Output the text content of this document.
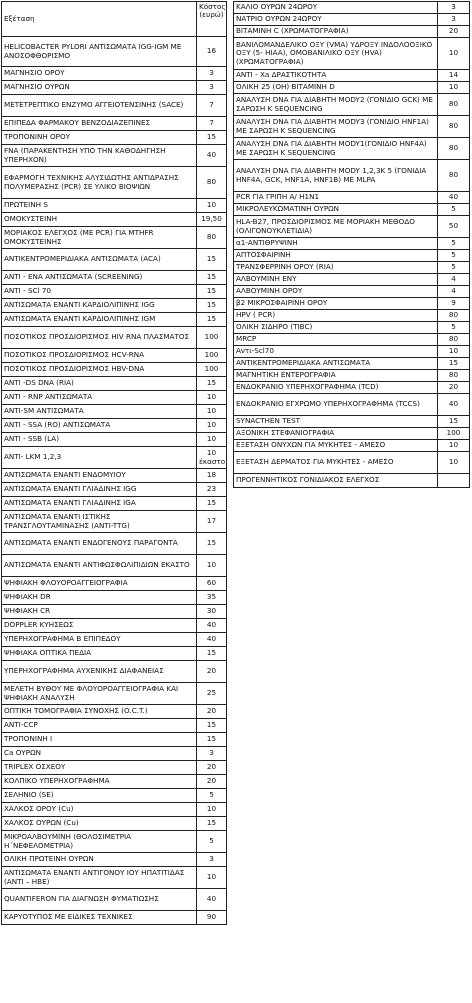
Εξέταση	Κόστος (ευρώ)
HELICOBACTER PYLORI ΑΝΤΙΣΩΜΑΤΑ IGG-IGM ΜΕ ΑΝΟΣΟΦΘΟΡΙΣΜΟ	16
ΜΑΓΝΗΣΙΟ ΟΡΟΥ	3
ΜΑΓΝΗΣΙΟ ΟΥΡΩΝ	3
ΜΕΤΕΤΡΕΠΤΙΚΟ ΕΝΖΥΜΟ ΑΓΓΕΙΟΤΕΝΣΙΝΗΣ (SACE)	7
ΕΠΙΠΕΔΑ ΦΑΡΜΑΚΟΥ ΒΕΝΖΟΔΙΑΖΕΠΙΝΕΣ	7
ΤΡΟΠΟΝΙΝΗ ΟΡΟΥ	15
FNA (ΠΑΡΑΚΕΝΤΗΣΗ ΥΠΟ ΤΗΝ ΚΑΘΟΔΗΓΗΣΗ ΥΠΕΡΗΧΟΝ)	40
ΕΦΑΡΜΟΓΗ ΤΕΧΝΙΚΗΣ ΑΛΥΣΙΔΩΤΗΣ ΑΝΤΙΔΡΑΣΗΣ ΠΟΛΥΜΕΡΑΣΗΣ (PCR) ΣΕ ΥΛΙΚΟ ΒΙΟΨΙΩΝ	80
ΠΡΩΤΕΙΝΗ S	10
ΟΜΟΚΥΣΤΕΙΝΗ	19,50
ΜΟΡΙΑΚΟΣ ΕΛΕΓΧΟΣ (ΜΕ PCR) ΓΙΑ MTHFR ΟΜΟΚΥΣΤΕΙΝΗΣ	80
ΑΝΤΙΚΕΝΤΡΟΜΕΡΙΔΙΑΚΑ ΑΝΤΙΣΩΜΑΤΑ (ACA)	15
ANTI - ΕΝΑ ΑΝΤΙΣΩΜΑΤΑ (SCREENING)	15
ANTI - SCl 70	15
ΑΝΤΙΣΩΜΑΤΑ ΕΝΑΝΤΙ ΚΑΡΔΙΟΛΙΠΙΝΗΣ IGG	15
ΑΝΤΙΣΩΜΑΤΑ ΕΝΑΝΤΙ ΚΑΡΔΙΟΛΙΠΙΝΗΣ IGM	15
ΠΟΣΟΤΙΚΟΣ ΠΡΟΣΔΙΟΡΙΣΜΟΣ HIV RNA ΠΛΑΣΜΑΤΟΣ	100
ΠΟΣΟΤΙΚΟΣ ΠΡΟΣΔΙΟΡΙΣΜΟΣ HCV-RNA	100
ΠΟΣΟΤΙΚΟΣ ΠΡΟΣΔΙΟΡΙΣΜΟΣ HBV-DNA	100
ANTI -DS DNA (RIA)	15
ANTI - RNP ΑΝΤΙΣΩΜΑΤΑ	10
ANTI-SM ΑΝΤΙΣΩΜΑΤΑ	10
ANTI - SSA (RO) ΑΝΤΙΣΩΜΑΤΑ	10
ANTI - SSB (LA)	10
ANTI- LKM 1,2,3	10 έκαστο
ΑΝΤΙΣΩΜΑΤΑ ΕΝΑΝΤΙ ΕΝΔΟΜΥΙΟΥ	18
ΑΝΤΙΣΩΜΑΤΑ ΕΝΑΝΤΙ ΓΛΙΑΔΙΝΗΣ IGG	23
ΑΝΤΙΣΩΜΑΤΑ ΕΝΑΝΤΙ ΓΛΙΑΔΙΝΗΣ IGA	15
ΑΝΤΙΣΩΜΑΤΑ ΕΝΑΝΤΙ ΙΣΤΙΚΗΣ ΤΡΑΝΣΓΛΟΥΤΑΜΙΝΑΣΗΣ (ANTI-TTG)	17
ΑΝΤΙΣΩΜΑΤΑ ΕΝΑΝΤΙ ΕΝΔΟΓΕΝΟΥΣ ΠΑΡΑΓΟΝΤΑ	15
ΑΝΤΙΣΩΜΑΤΑ ΕΝΑΝΤΙ ΑΝΤΙΦΩΣΦΩΛΙΠΙΔΙΩΝ ΕΚΑΣΤΟ	10
ΨΗΦΙΑΚΗ ΦΛΟΥΟΡΟΑΓΓΕΙΟΓΡΑΦΙΑ	60
ΨΗΦΙΑΚΗ DR	35
ΨΗΦΙΑΚΗ CR	30
DOPPLER ΚΥΗΣΕΩΣ	40
ΥΠΕΡΗΧΟΓΡΑΦΗΜΑ Β ΕΠΙΠΕΔΟΥ	40
ΨΗΦΙΑΚΑ ΟΠΤΙΚΑ ΠΕΔΙΑ	15
ΥΠΕΡΗΧΟΓΡΑΦΗΜΑ ΑΥΧΕΝΙΚΗΣ ΔΙΑΦΑΝΕΙΑΣ	20
ΜΕΛΕΤΗ ΒΥΘΟΥ ΜΕ ΦΛΟΥΟΡΟΑΓΓΕΙΟΓΡΑΦΙΑ ΚΑΙ ΨΗΦΙΑΚΗ ΑΝΑΛΥΣΗ	25
ΟΠΤΙΚΗ ΤΟΜΟΓΡΑΦΙΑ ΣΥΝΟΧΗΣ (O.C.T.)	20
ANTI-CCP	15
ΤΡΟΠΟΝΙΝΗ I	15
Ca ΟΥΡΩΝ	3
TRIPLEX ΟΣΧΕΟΥ	20
ΚΟΛΠΙΚΟ ΥΠΕΡΗΧΟΓΡΑΦΗΜΑ	20
ΣΕΛΗΝΙΟ (SE)	5
ΧΑΛΚΟΣ ΟΡΟΥ (Cu)	10
ΧΑΛΚΟΣ ΟΥΡΩΝ (Cu)	15
ΜΙΚΡΟΑΛΒΟΥΜΙΝΗ (ΘΟΛΟΣΙΜΕΤΡΙΑ Η΄ΝΕΦΕΛΟΜΕΤΡΙΑ)	5
ΟΛΙΚΗ ΠΡΩΤΕΙΝΗ ΟΥΡΩΝ	3
ΑΝΤΙΣΩΜΑΤΑ ΕΝΑΝΤΙ ΑΝΤΙΓΟΝΟΥ ΙΟΥ ΗΠΑΤΙΤΙΔΑΣ (ANTI – HBE)	10
QUANTIFERON ΓΙΑ ΔΙΑΓΝΩΣΗ ΦΥΜΑΤΙΩΣΗΣ	40
ΚΑΡΥΟΤΥΠΟΣ ΜΕ ΕΙΔΙΚΕΣ ΤΕΧΝΙΚΕΣ	90
ΚΑΛΙΟ ΟΥΡΩΝ 24ΩΡΟΥ	3
ΝΑΤΡΙΟ ΟΥΡΩΝ 24ΩΡΟΥ	3
ΒΙΤΑΜΙΝΗ C (ΧΡΩΜΑΤΟΓΡΑΦΙΑ)	20
ΒΑΝΙΛΟΜΑΝΔΕΛΙΚΟ ΟΞΥ (VMA) ΥΔΡΟΞΥ ΙΝΔΟΛΟΟΞΙΚΟ ΟΞΥ (5- HIAA), ΟΜΟΒΑΝΙΛΙΚΟ ΟΞΥ (HVA) (ΧΡΩΜΑΤΟΓΡΑΦΙΑ)	10
ANTI - Xa ΔΡΑΣΤΙΚΟΤΗΤΑ	14
ΟΛΙΚΗ 25 (OH) ΒΙΤΑΜΙΝΗ D	10
ΑΝΑΛΥΣΗ DNA ΓΙΑ ΔΙΑΒΗΤΗ MODY2 (ΓΟΝΙΔΙΟ GCK) ΜΕ ΣΑΡΩΣΗ Κ SEQUENCING	80
ΑΝΑΛΥΣΗ DNA ΓΙΑ ΔΙΑΒΗΤΗ MODY3 (ΓΟΝΙΔΙΟ HNF1A) ΜΕ ΣΑΡΩΣΗ Κ SEQUENCING	80
ΑΝΑΛΥΣΗ DNA ΓΙΑ ΔΙΑΒΗΤΗ MODY1(ΓΟΝΙΔΙΟ HNF4A) ΜΕ ΣΑΡΩΣΗ Κ SEQUENCING	80
ΑΝΑΛΥΣΗ DNA ΓΙΑ ΔΙΑΒΗΤΗ MODY 1,2,3Κ 5 (ΓΟΝΙΔΙΑ HNF4A, GCK, HNF1A, HNF1B) ΜΕ MLPA	80
PCR ΓΙΑ ΓΡΙΠΗ Α/ H1N1	40
ΜΙΚΡΟΛΕΥΚΩΜΑΤΙΝΗ ΟΥΡΩΝ	5
HLA-B27, ΠΡΟΣΔΙΟΡΙΣΜΟΣ ΜΕ ΜΟΡΙΑΚΗ ΜΕΘΟΔΟ (ΟΛΙΓΟΝΟΥΚΛΕΤΙΔΙΑ)	50
α1-ΑΝΤΙΘΡΥΨΙΝΗ	5
ΑΠΤΟΣΦΑΙΡΙΝΗ	5
ΤΡΑΝΣΦΕΡΡΙΝΗ ΟΡΟΥ (RIA)	5
ΑΛΒΟΥΜΙΝΗ ΕΝΥ	4
ΑΛΒΟΥΜΙΝΗ ΟΡΟΥ	4
β2 ΜΙΚΡΟΣΦΑΙΡΙΝΗ ΟΡΟΥ	9
HPV ( PCR)	80
ΟΛΙΚΗ ΣΙΔΗΡΟ (TIBC)	5
MRCP	80
Αντι-Scl70	10
ΑΝΤΙΚΕΝΤΡΟΜΕΡΙΔΙΑΚΑ ΑΝΤΙΣΩΜΑΤΑ	15
ΜΑΓΝΗΤΙΚΗ ΕΝΤΕΡΟΓΡΑΦΙΑ	80
ΕΝΔΟΚΡΑΝΙΟ ΥΠΕΡΗΧΟΓΡΑΦΗΜΑ (TCD)	20
ΕΝΔΟΚΡΑΝΙΟ ΕΓΧΡΩΜΟ ΥΠΕΡΗΧΟΓΡΑΦΗΜΑ (TCCS)	40
SYNACTHEN TEST	15
ΑΞΟΝΙΚΗ ΣΤΕΦΑΝΙΟΓΡΑΦΙΑ	100
ΕΞΕΤΑΣΗ ΟΝΥΧΩΝ ΓΙΑ ΜΥΚΗΤΕΣ - ΑΜΕΣΟ	10
ΕΞΕΤΑΣΗ ΔΕΡΜΑΤΟΣ ΓΙΑ ΜΥΚΗΤΕΣ - ΑΜΕΣΟ	10
ΠΡΟΓΕΝΝΗΤΙΚΟΣ ΓΟΝΙΔΙΑΚΟΣ ΕΛΕΓΧΟΣ	
